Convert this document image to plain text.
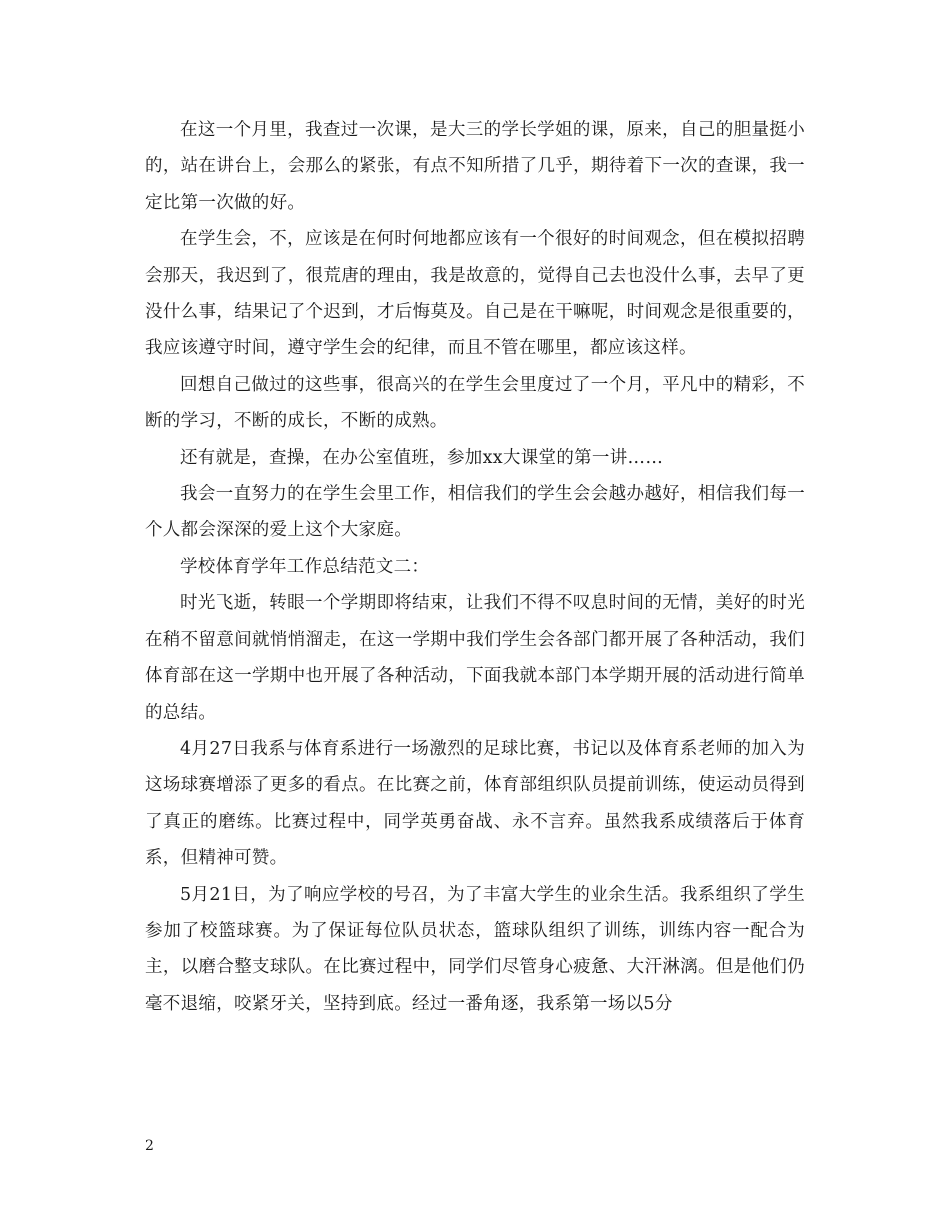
在这一个月里，我查过一次课，是大三的学长学姐的课，原来，自己的胆量挺小的，站在讲台上，会那么的紧张，有点不知所措了几乎，期待着下一次的查课，我一定比第一次做的好。

在学生会，不，应该是在何时何地都应该有一个很好的时间观念，但在模拟招聘会那天，我迟到了，很荒唐的理由，我是故意的，觉得自己去也没什么事，去早了更没什么事，结果记了个迟到，才后悔莫及。自己是在干嘛呢，时间观念是很重要的，我应该遵守时间，遵守学生会的纪律，而且不管在哪里，都应该这样。

回想自己做过的这些事，很高兴的在学生会里度过了一个月，平凡中的精彩，不断的学习，不断的成长，不断的成熟。

还有就是，查操，在办公室值班，参加xx大课堂的第一讲……

我会一直努力的在学生会里工作，相信我们的学生会会越办越好，相信我们每一个人都会深深的爱上这个大家庭。

学校体育学年工作总结范文二：

时光飞逝，转眼一个学期即将结束，让我们不得不叹息时间的无情，美好的时光在稍不留意间就悄悄溜走，在这一学期中我们学生会各部门都开展了各种活动，我们体育部在这一学期中也开展了各种活动，下面我就本部门本学期开展的活动进行简单的总结。

4月27日我系与体育系进行一场激烈的足球比赛，书记以及体育系老师的加入为这场球赛增添了更多的看点。在比赛之前，体育部组织队员提前训练，使运动员得到了真正的磨练。比赛过程中，同学英勇奋战、永不言弃。虽然我系成绩落后于体育系，但精神可赞。

5月21日，为了响应学校的号召，为了丰富大学生的业余生活。我系组织了学生参加了校篮球赛。为了保证每位队员状态，篮球队组织了训练，训练内容一配合为主，以磨合整支球队。在比赛过程中，同学们尽管身心疲惫、大汗淋漓。但是他们仍毫不退缩，咬紧牙关，坚持到底。经过一番角逐，我系第一场以5分

2
